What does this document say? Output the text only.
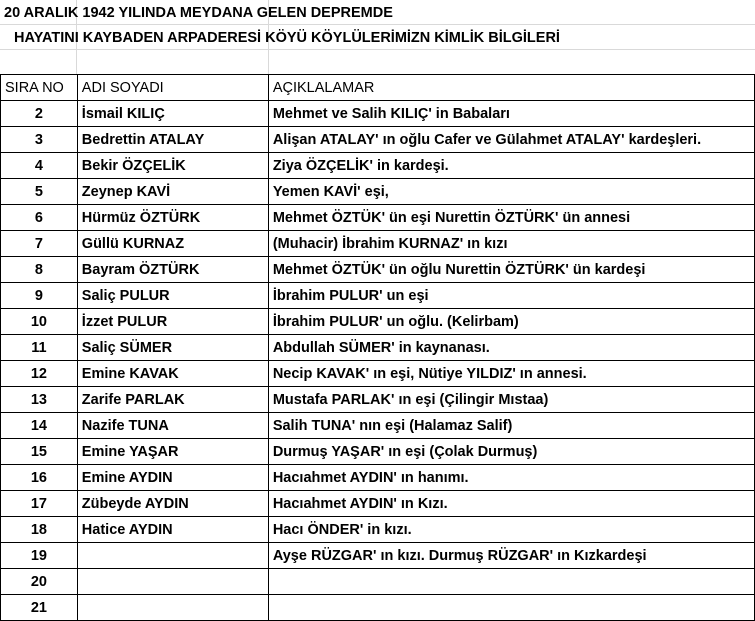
20 ARALIK 1942 YILINDA MEYDANA GELEN DEPREMDE
HAYATINI KAYBADEN ARPADERESİ KÖYÜ KÖYLÜLERİMİZN KİMLİK BİLGİLERİ
SIRA NO	ADI SOYADI	AÇIKLALAMAR
2	İsmail KILIÇ	Mehmet ve Salih KILIÇ' in Babaları
3	Bedrettin ATALAY	Alişan ATALAY' ın oğlu Cafer ve Gülahmet ATALAY' kardeşleri.
4	Bekir ÖZÇELİK	Ziya ÖZÇELİK' in kardeşi.
5	Zeynep KAVİ	Yemen KAVİ' eşi,
6	Hürmüz ÖZTÜRK	Mehmet ÖZTÜK' ün eşi Nurettin ÖZTÜRK' ün annesi
7	Güllü KURNAZ	(Muhacir) İbrahim KURNAZ' ın kızı
8	Bayram ÖZTÜRK	Mehmet ÖZTÜK' ün oğlu Nurettin ÖZTÜRK' ün kardeşi
9	Saliç PULUR	İbrahim PULUR' un eşi
10	İzzet PULUR	İbrahim PULUR' un oğlu. (Kelirbam)
11	Saliç SÜMER	Abdullah SÜMER' in kaynanası.
12	Emine KAVAK	Necip KAVAK' ın eşi, Nütiye YILDIZ' ın annesi.
13	Zarife PARLAK	Mustafa PARLAK' ın eşi (Çilingir Mıstaa)
14	Nazife TUNA	Salih TUNA' nın eşi (Halamaz Salif)
15	Emine YAŞAR	Durmuş YAŞAR' ın eşi (Çolak Durmuş)
16	Emine AYDIN	Hacıahmet AYDIN' ın hanımı.
17	Zübeyde AYDIN	Hacıahmet AYDIN' ın Kızı.
18	Hatice AYDIN	Hacı ÖNDER' in kızı.
19		Ayşe RÜZGAR' ın kızı. Durmuş RÜZGAR' ın Kızkardeşi
20		
21		
